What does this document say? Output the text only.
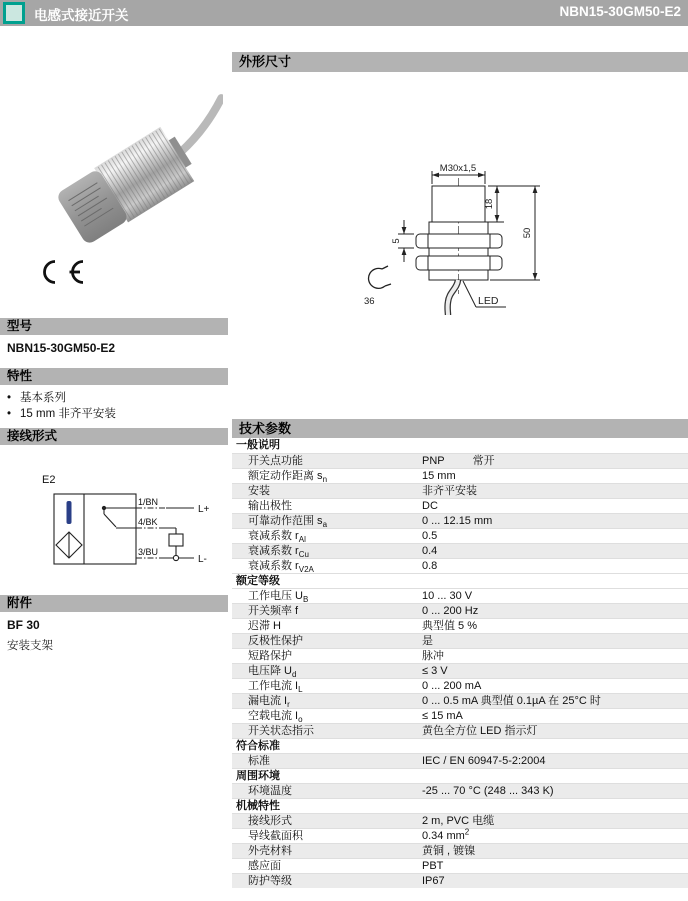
电感式接近开关	NBN15-30GM50-E2
型号
NBN15-30GM50-E2
特性
• 基本系列
• 15 mm 非齐平安装
接线形式
E2
1/BN
4/BK
3/BU
L+
L-
附件
BF 30
安装支架
外形尺寸
M30x1,5
18
50
5
36	LED
技术参数
一般说明
开关点功能	PNP	常开
额定动作距离 $s_n$	15 mm
安装	非齐平安装
输出极性	DC
可靠动作范围 $s_a$	0 ... 12.15 mm
衰减系数 $r_{Al}$	0.5
衰减系数 $r_{Cu}$	0.4
衰减系数 $r_{V2A}$	0.8
额定等级
工作电压 $U_B$	10 ... 30 V
开关频率 f	0 ... 200 Hz
迟滞 H	典型值 5 %
反极性保护	是
短路保护	脉冲
电压降 $U_d$	≤ 3 V
工作电流 $I_L$	0 ... 200 mA
漏电流 $I_r$	0 ... 0.5 mA 典型值 0.1µA 在 25°C 时
空载电流 $I_o$	≤ 15 mA
开关状态指示	黄色全方位 LED 指示灯
符合标准
标准	IEC / EN 60947-5-2:2004
周围环境
环境温度	-25 ... 70 °C (248 ... 343 K)
机械特性
接线形式	2 m, PVC 电缆
导线截面积	0.34 $mm^2$
外壳材料	黄铜 , 镀镍
感应面	PBT
防护等级	IP67
